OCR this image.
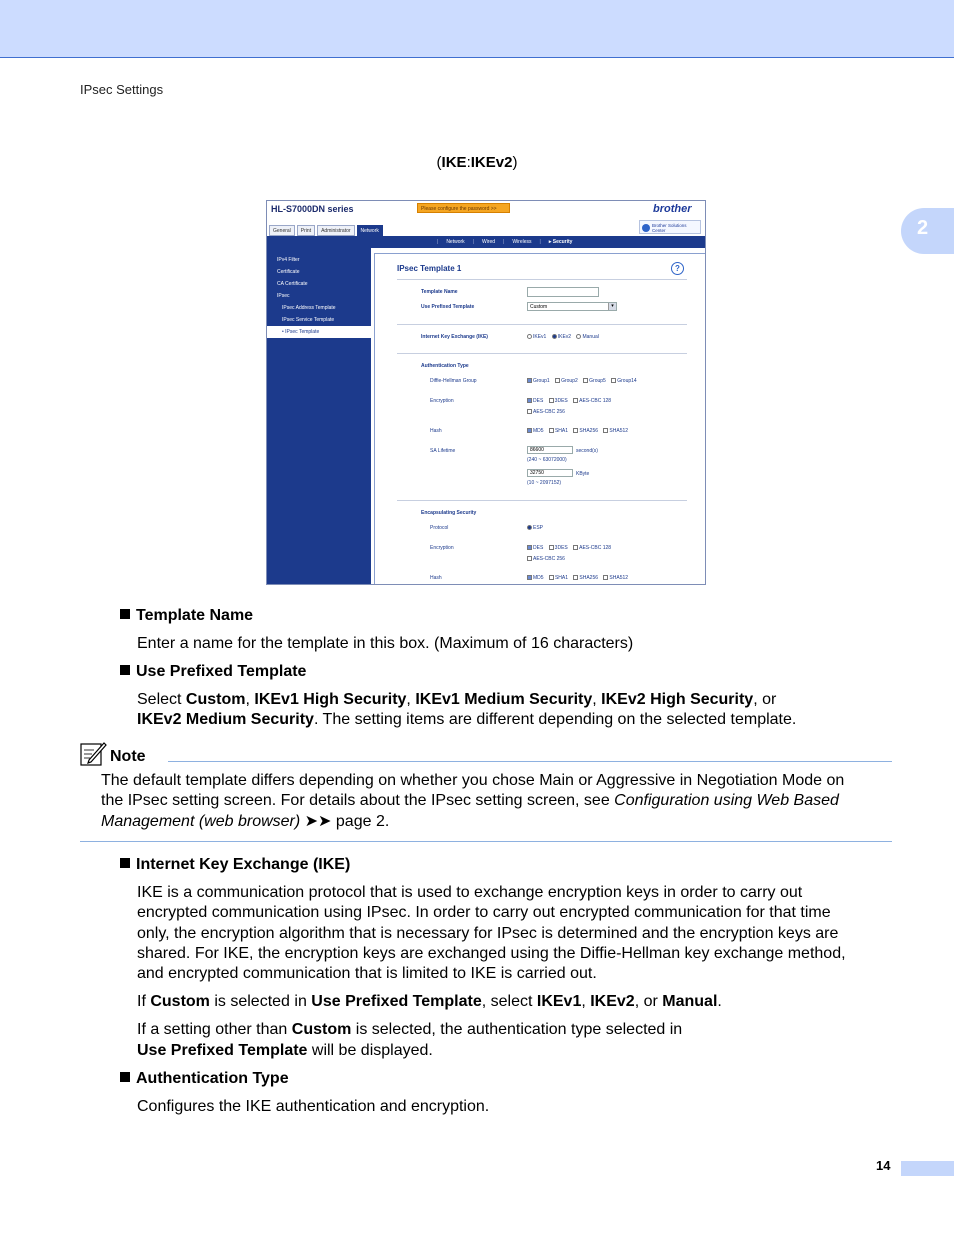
IPsec Settings
2
(IKE:IKEv2)
HL-S7000DN series	Please configure the password >>	brother
Brother Solutions Center
General	Print	Administrator	Network
| Network | Wired | Wireless | ▸ Security
IPv4 Filter
Certificate
CA Certificate
IPsec
IPsec Address Template
IPsec Service Template
• IPsec Template
IPsec Template 1	?
Template Name
Use Prefixed Template	Custom	▾
Internet Key Exchange (IKE)	IKEv1 IKEv2 Manual
Authentication Type
Diffie-Hellman Group	Group1 Group2 Group5 Group14
Encryption	DES 3DES AES-CBC 128
AES-CBC 256
Hash	MD5 SHA1 SHA256 SHA512
SA Lifetime	86600	second(s)
(240 ~ 63072000)
32750	KByte
(10 ~ 2097152)
Encapsulating Security
Protocol	ESP
Encryption	DES 3DES AES-CBC 128
AES-CBC 256
Hash	MD5 SHA1 SHA256 SHA512
Template Name
Enter a name for the template in this box. (Maximum of 16 characters)
Use Prefixed Template
Select Custom, IKEv1 High Security, IKEv1 Medium Security, IKEv2 High Security, or
IKEv2 Medium Security. The setting items are different depending on the selected template.
Note
The default template differs depending on whether you chose Main or Aggressive in Negotiation Mode on
the IPsec setting screen. For details about the IPsec setting screen, see Configuration using Web Based
Management (web browser) ➤➤ page 2.
Internet Key Exchange (IKE)
IKE is a communication protocol that is used to exchange encryption keys in order to carry out
encrypted communication using IPsec. In order to carry out encrypted communication for that time
only, the encryption algorithm that is necessary for IPsec is determined and the encryption keys are
shared. For IKE, the encryption keys are exchanged using the Diffie-Hellman key exchange method,
and encrypted communication that is limited to IKE is carried out.
If Custom is selected in Use Prefixed Template, select IKEv1, IKEv2, or Manual.
If a setting other than Custom is selected, the authentication type selected in
Use Prefixed Template will be displayed.
Authentication Type
Configures the IKE authentication and encryption.
14
